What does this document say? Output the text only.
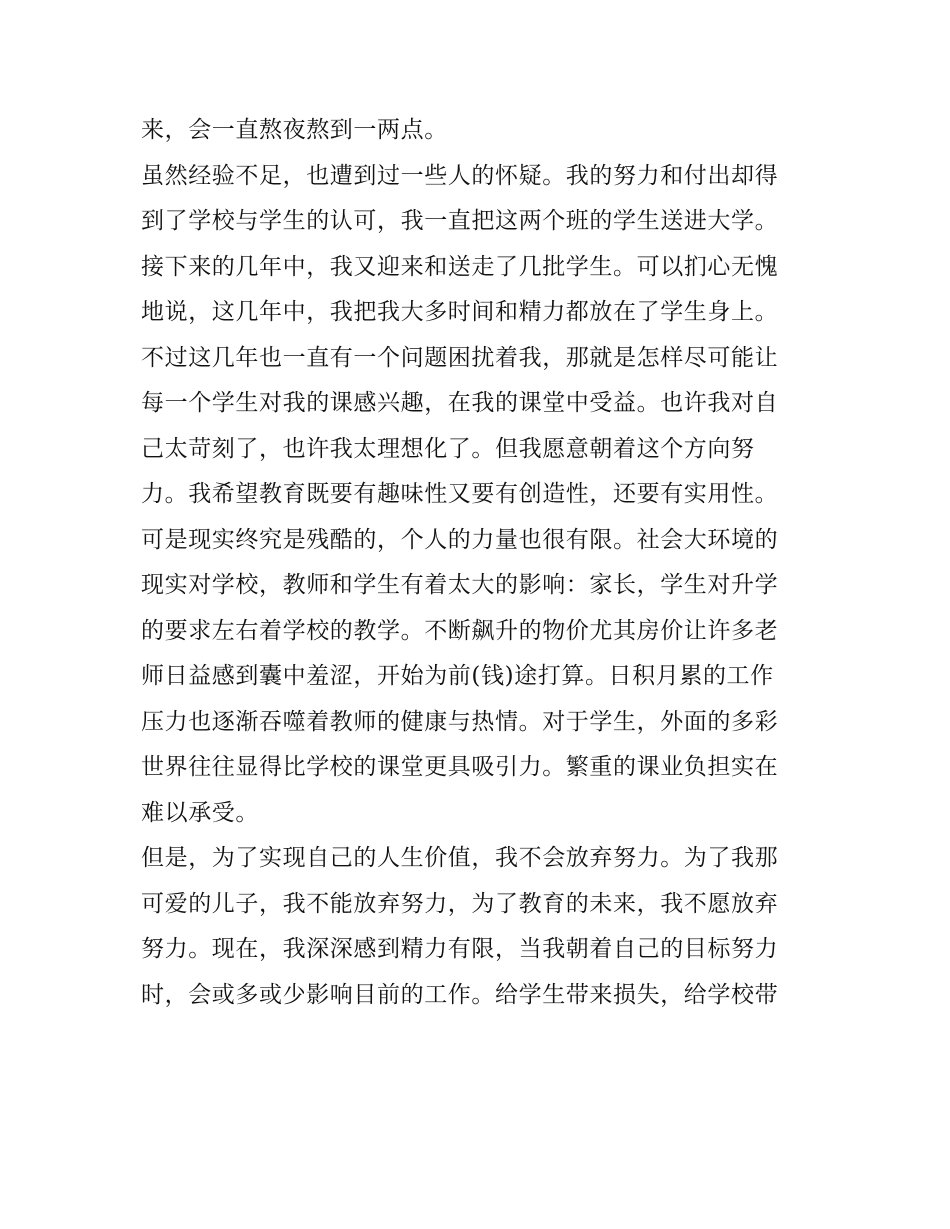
来，会一直熬夜熬到一两点。
虽然经验不足，也遭到过一些人的怀疑。我的努力和付出却得
到了学校与学生的认可，我一直把这两个班的学生送进大学。
接下来的几年中，我又迎来和送走了几批学生。可以扪心无愧
地说，这几年中，我把我大多时间和精力都放在了学生身上。
不过这几年也一直有一个问题困扰着我，那就是怎样尽可能让
每一个学生对我的课感兴趣，在我的课堂中受益。也许我对自
己太苛刻了，也许我太理想化了。但我愿意朝着这个方向努
力。我希望教育既要有趣味性又要有创造性，还要有实用性。
可是现实终究是残酷的，个人的力量也很有限。社会大环境的
现实对学校，教师和学生有着太大的影响：家长，学生对升学
的要求左右着学校的教学。不断飙升的物价尤其房价让许多老
师日益感到囊中羞涩，开始为前(钱)途打算。日积月累的工作
压力也逐渐吞噬着教师的健康与热情。对于学生，外面的多彩
世界往往显得比学校的课堂更具吸引力。繁重的课业负担实在
难以承受。
但是，为了实现自己的人生价值，我不会放弃努力。为了我那
可爱的儿子，我不能放弃努力，为了教育的未来，我不愿放弃
努力。现在，我深深感到精力有限，当我朝着自己的目标努力
时，会或多或少影响目前的工作。给学生带来损失，给学校带
